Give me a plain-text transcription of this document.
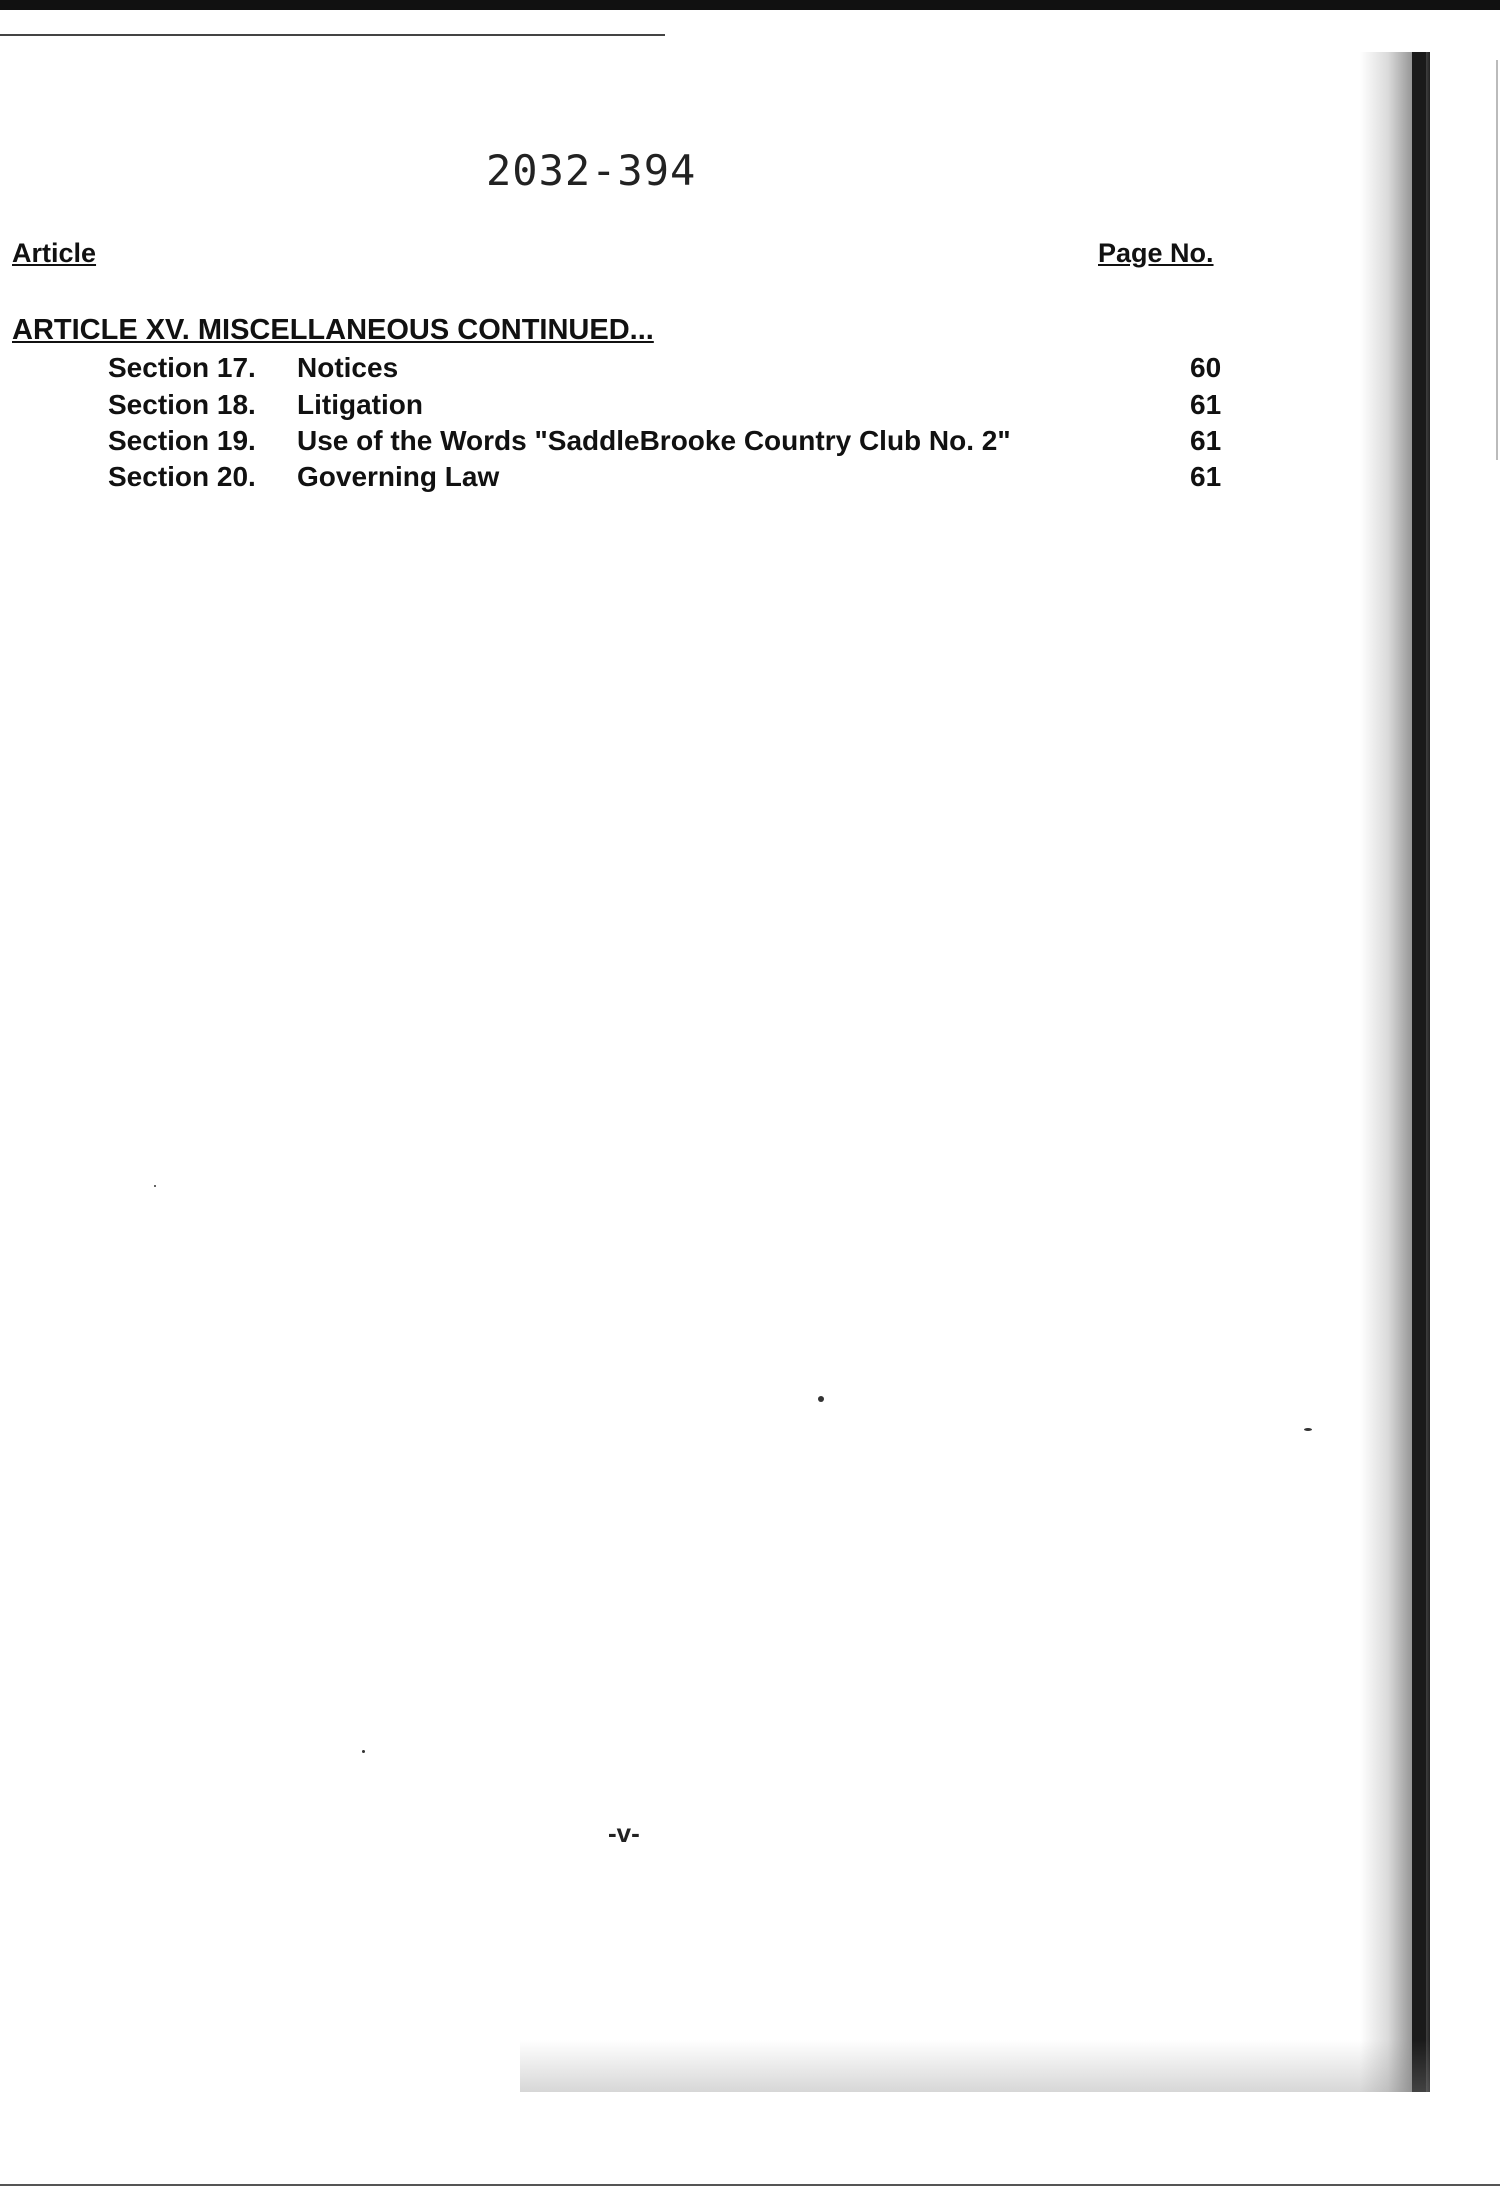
2032-394
Article	Page No.
ARTICLE XV. MISCELLANEOUS CONTINUED...
Section 17. Notices	60
Section 18. Litigation	61
Section 19. Use of the Words "SaddleBrooke Country Club No. 2"	61
Section 20. Governing Law	61
-v-
